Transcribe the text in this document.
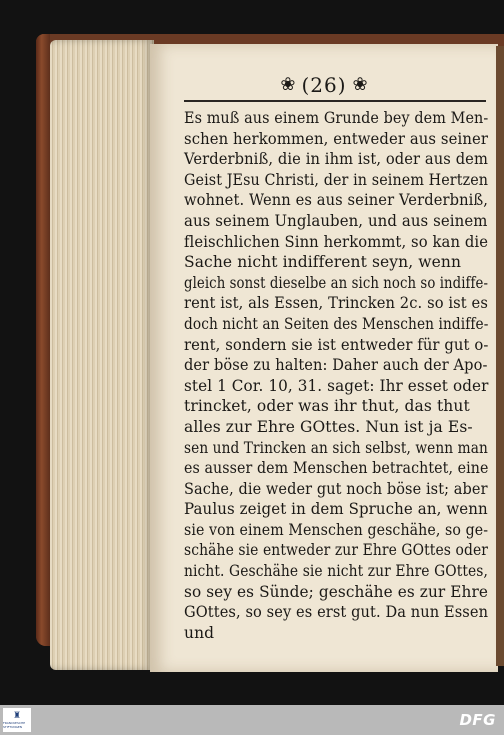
❀ (26) ❀
Es muß aus einem Grunde bey dem Men-
schen herkommen, entweder aus seiner
Verderbniß, die in ihm ist, oder aus dem
Geist JEsu Christi, der in seinem Hertzen
wohnet. Wenn es aus seiner Verderbniß,
aus seinem Unglauben, und aus seinem
fleischlichen Sinn herkommt, so kan die
Sache nicht indifferent seyn, wenn
gleich sonst dieselbe an sich noch so indiffe-
rent ist, als Essen, Trincken 2c. so ist es
doch nicht an Seiten des Menschen indiffe-
rent, sondern sie ist entweder für gut o-
der böse zu halten: Daher auch der Apo-
stel 1 Cor. 10, 31. saget: Ihr esset oder
trincket, oder was ihr thut, das thut
alles zur Ehre GOttes. Nun ist ja Es-
sen und Trincken an sich selbst, wenn man
es ausser dem Menschen betrachtet, eine
Sache, die weder gut noch böse ist; aber
Paulus zeiget in dem Spruche an, wenn
sie von einem Menschen geschähe, so ge-
schähe sie entweder zur Ehre GOttes oder
nicht. Geschähe sie nicht zur Ehre GOttes,
so sey es Sünde; geschähe es zur Ehre
GOttes, so sey es erst gut. Da nun Essen
und
♜
FRANCKESCHE STIFTUNGEN	DFG
